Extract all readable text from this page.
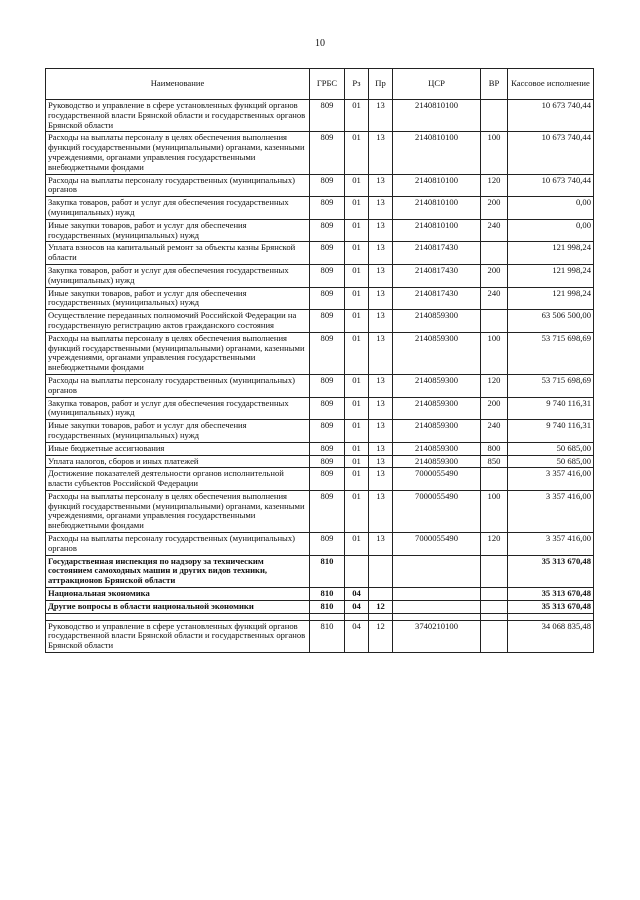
10
Наименование	ГРБС	Рз	Пр	ЦСР	ВР	Кассовое исполнение
Руководство и управление в сфере установленных функций органов государственной власти Брянской области и государственных органов Брянской области	809	01	13	2140810100		10 673 740,44
Расходы на выплаты персоналу в целях обеспечения выполнения функций государственными (муниципальными) органами, казенными учреждениями, органами управления государственными внебюджетными фондами	809	01	13	2140810100	100	10 673 740,44
Расходы на выплаты персоналу государственных (муниципальных) органов	809	01	13	2140810100	120	10 673 740,44
Закупка товаров, работ и услуг для обеспечения государственных (муниципальных) нужд	809	01	13	2140810100	200	0,00
Иные закупки товаров, работ и услуг для обеспечения государственных (муниципальных) нужд	809	01	13	2140810100	240	0,00
Уплата взносов на капитальный ремонт за объекты казны Брянской области	809	01	13	2140817430		121 998,24
Закупка товаров, работ и услуг для обеспечения государственных (муниципальных) нужд	809	01	13	2140817430	200	121 998,24
Иные закупки товаров, работ и услуг для обеспечения государственных (муниципальных) нужд	809	01	13	2140817430	240	121 998,24
Осуществление переданных полномочий Российской Федерации на государственную регистрацию актов гражданского состояния	809	01	13	2140859300		63 506 500,00
Расходы на выплаты персоналу в целях обеспечения выполнения функций государственными (муниципальными) органами, казенными учреждениями, органами управления государственными внебюджетными фондами	809	01	13	2140859300	100	53 715 698,69
Расходы на выплаты персоналу государственных (муниципальных) органов	809	01	13	2140859300	120	53 715 698,69
Закупка товаров, работ и услуг для обеспечения государственных (муниципальных) нужд	809	01	13	2140859300	200	9 740 116,31
Иные закупки товаров, работ и услуг для обеспечения государственных (муниципальных) нужд	809	01	13	2140859300	240	9 740 116,31
Иные бюджетные ассигнования	809	01	13	2140859300	800	50 685,00
Уплата налогов, сборов и иных платежей	809	01	13	2140859300	850	50 685,00
Достижение показателей деятельности органов исполнительной власти субъектов Российской Федерации	809	01	13	7000055490		3 357 416,00
Расходы на выплаты персоналу в целях обеспечения выполнения функций государственными (муниципальными) органами, казенными учреждениями, органами управления государственными внебюджетными фондами	809	01	13	7000055490	100	3 357 416,00
Расходы на выплаты персоналу государственных (муниципальных) органов	809	01	13	7000055490	120	3 357 416,00
Государственная инспекция по надзору за техническим состоянием самоходных машин и других видов техники, аттракционов Брянской области	810					35 313 670,48
Национальная экономика	810	04				35 313 670,48
Другие вопросы в области национальной экономики	810	04	12			35 313 670,48

Руководство и управление в сфере установленных функций органов государственной власти Брянской области и государственных органов Брянской области	810	04	12	3740210100		34 068 835,48
